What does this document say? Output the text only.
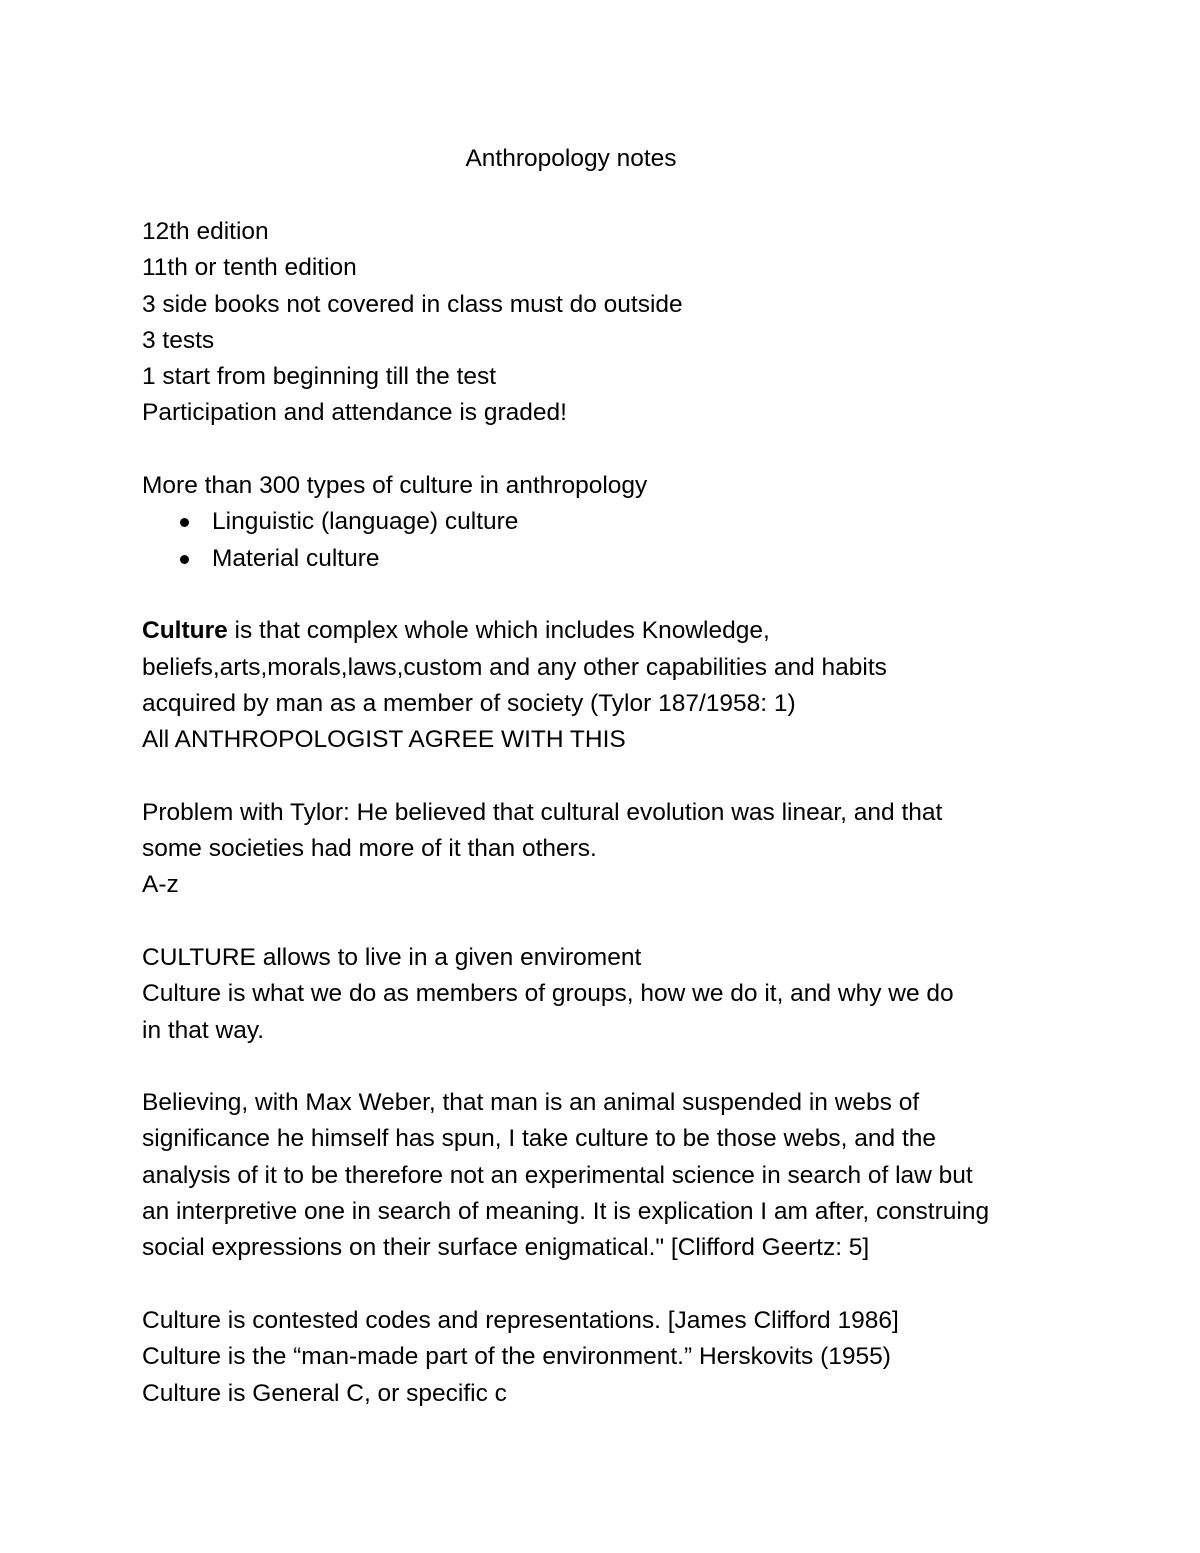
Anthropology notes
12th edition
11th or tenth edition
3 side books not covered in class must do outside
3 tests
1 start from beginning till the test
Participation and attendance is graded!
More than 300 types of culture in anthropology
Linguistic (language) culture
Material culture
Culture is that complex whole which includes Knowledge,
beliefs,arts,morals,laws,custom and any other capabilities and habits
acquired by man as a member of society (Tylor 187/1958: 1)
All ANTHROPOLOGIST AGREE WITH THIS
Problem with Tylor: He believed that cultural evolution was linear, and that
some societies had more of it than others.
A-z
CULTURE allows to live in a given enviroment
Culture is what we do as members of groups, how we do it, and why we do
in that way.
Believing, with Max Weber, that man is an animal suspended in webs of
significance he himself has spun, I take culture to be those webs, and the
analysis of it to be therefore not an experimental science in search of law but
an interpretive one in search of meaning. It is explication I am after, construing
social expressions on their surface enigmatical." [Clifford Geertz: 5]
Culture is contested codes and representations. [James Clifford 1986]
Culture is the “man-made part of the environment.” Herskovits (1955)
Culture is General C, or specific c
